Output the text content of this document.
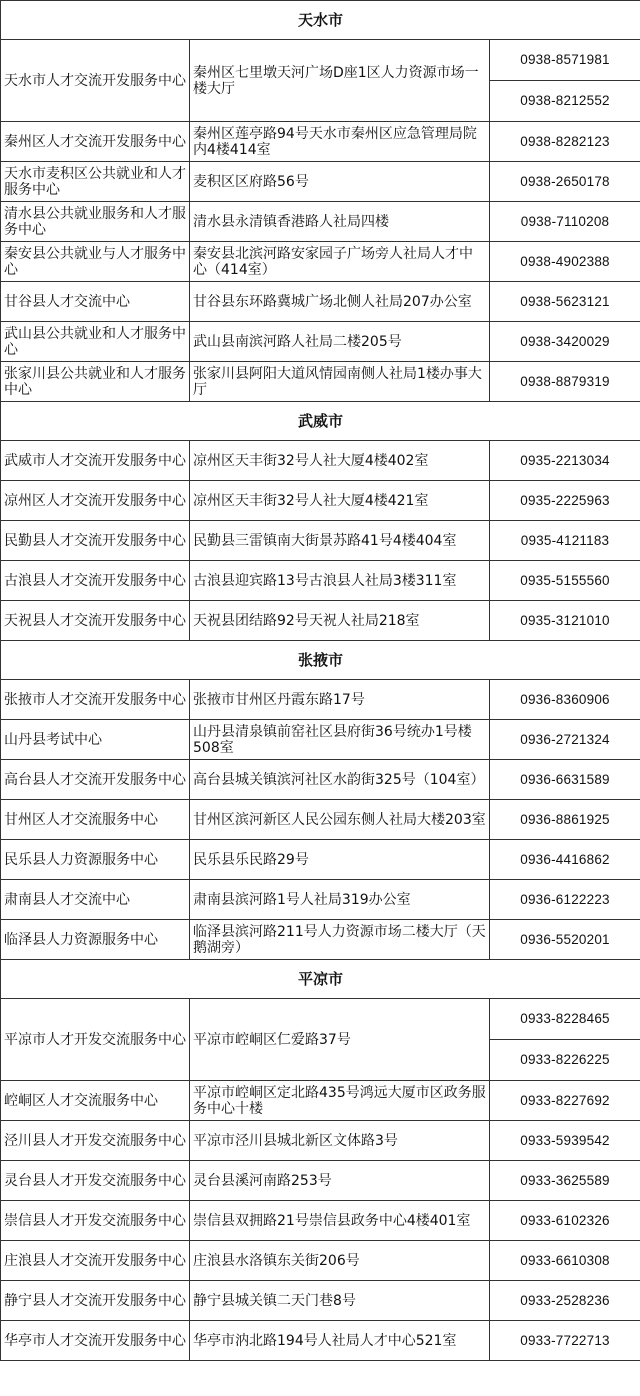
天水市		
天水市人才交流开发服务中心	秦州区七里墩天河广场D座1区人力资源市场一楼大厅	0938-8571981
		0938-8212552
秦州区人才交流开发服务中心	秦州区莲亭路94号天水市秦州区应急管理局院内4楼414室	0938-8282123
天水市麦积区公共就业和人才服务中心	麦积区区府路56号	0938-2650178
清水县公共就业服务和人才服务中心	清水县永清镇香港路人社局四楼	0938-7110208
秦安县公共就业与人才服务中心	秦安县北滨河路安家园子广场旁人社局人才中心（414室）	0938-4902388
甘谷县人才交流中心	甘谷县东环路冀城广场北侧人社局207办公室	0938-5623121
武山县公共就业和人才服务中心	武山县南滨河路人社局二楼205号	0938-3420029
张家川县公共就业和人才服务中心	张家川县阿阳大道风情园南侧人社局1楼办事大厅	0938-8879319
武威市		
武威市人才交流开发服务中心	凉州区天丰街32号人社大厦4楼402室	0935-2213034
凉州区人才交流开发服务中心	凉州区天丰街32号人社大厦4楼421室	0935-2225963
民勤县人才交流开发服务中心	民勤县三雷镇南大街景苏路41号4楼404室	0935-4121183
古浪县人才交流开发服务中心	古浪县迎宾路13号古浪县人社局3楼311室	0935-5155560
天祝县人才交流开发服务中心	天祝县团结路92号天祝人社局218室	0935-3121010
张掖市		
张掖市人才交流开发服务中心	张掖市甘州区丹霞东路17号	0936-8360906
山丹县考试中心	山丹县清泉镇前窑社区县府街36号统办1号楼508室	0936-2721324
高台县人才交流开发服务中心	高台县城关镇滨河社区水韵街325号（104室）	0936-6631589
甘州区人才交流服务中心	甘州区滨河新区人民公园东侧人社局大楼203室	0936-8861925
民乐县人力资源服务中心	民乐县乐民路29号	0936-4416862
肃南县人才交流中心	肃南县滨河路1号人社局319办公室	0936-6122223
临泽县人力资源服务中心	临泽县滨河路211号人力资源市场二楼大厅（天鹅湖旁）	0936-5520201
平凉市		
平凉市人才开发交流服务中心	平凉市崆峒区仁爱路37号	0933-8228465
		0933-8226225
崆峒区人才交流服务中心	平凉市崆峒区定北路435号鸿远大厦市区政务服务中心十楼	0933-8227692
泾川县人才开发交流服务中心	平凉市泾川县城北新区文体路3号	0933-5939542
灵台县人才开发交流服务中心	灵台县溪河南路253号	0933-3625589
崇信县人才开发交流服务中心	崇信县双拥路21号崇信县政务中心4楼401室	0933-6102326
庄浪县人才交流开发服务中心	庄浪县水洛镇东关街206号	0933-6610308
静宁县人才交流开发服务中心	静宁县城关镇二天门巷8号	0933-2528236
华亭市人才交流开发服务中心	华亭市汭北路194号人社局人才中心521室	0933-7722713
